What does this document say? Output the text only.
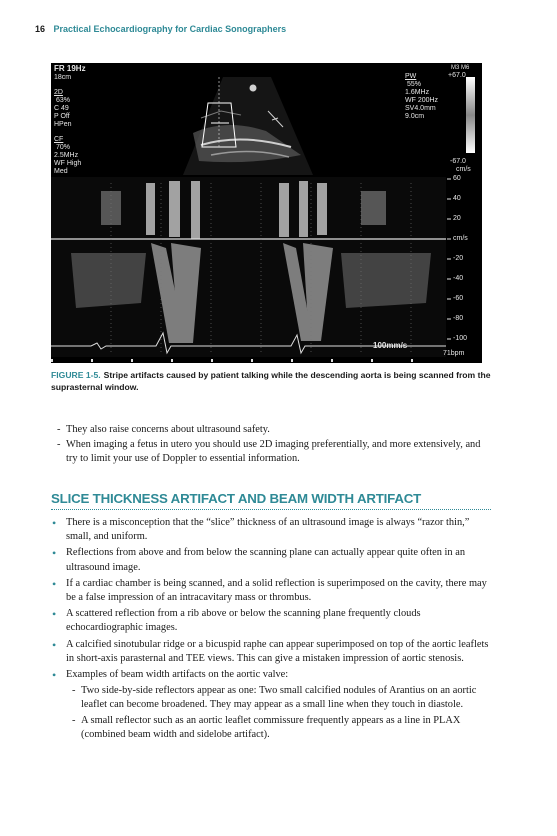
16 Practical Echocardiography for Cardiac Sonographers
FR 19Hz
18cm
2D
63%
C 49
P Off
HPen
CF
70%
2.5MHz
WF High
Med
PW
55%
1.6MHz
WF 200Hz
SV4.0mm
9.0cm
M3 M6
+67.0
-67.0
cm/s
60
40
20
cm/s
-20
-40
-60
-80
-100
100mm/s
71bpm
FIGURE 1-5. Stripe artifacts caused by patient talking while the descending aorta is being scanned from the suprasternal window.
- They also raise concerns about ultrasound safety.
- When imaging a fetus in utero you should use 2D imaging preferentially, and more extensively, and try to limit your use of Doppler to essential information.
SLICE THICKNESS ARTIFACT AND BEAM WIDTH ARTIFACT
• There is a misconception that the “slice” thickness of an ultrasound image is always “razor thin,” small, and uniform.
• Reflections from above and from below the scanning plane can actually appear quite often in an ultrasound image.
• If a cardiac chamber is being scanned, and a solid reflection is superimposed on the cavity, there may be a false impression of an intracavitary mass or thrombus.
• A scattered reflection from a rib above or below the scanning plane frequently clouds echocardiographic images.
• A calcified sinotubular ridge or a bicuspid raphe can appear superimposed on top of the aortic leaflets in short-axis parasternal and TEE views. This can give a mistaken impression of aortic stenosis.
• Examples of beam width artifacts on the aortic valve:
- Two side-by-side reflectors appear as one: Two small calcified nodules of Arantius on an aortic leaflet can become broadened. They may appear as a small line when they touch in diastole.
- A small reflector such as an aortic leaflet commissure frequently appears as a line in PLAX (combined beam width and sidelobe artifact).
